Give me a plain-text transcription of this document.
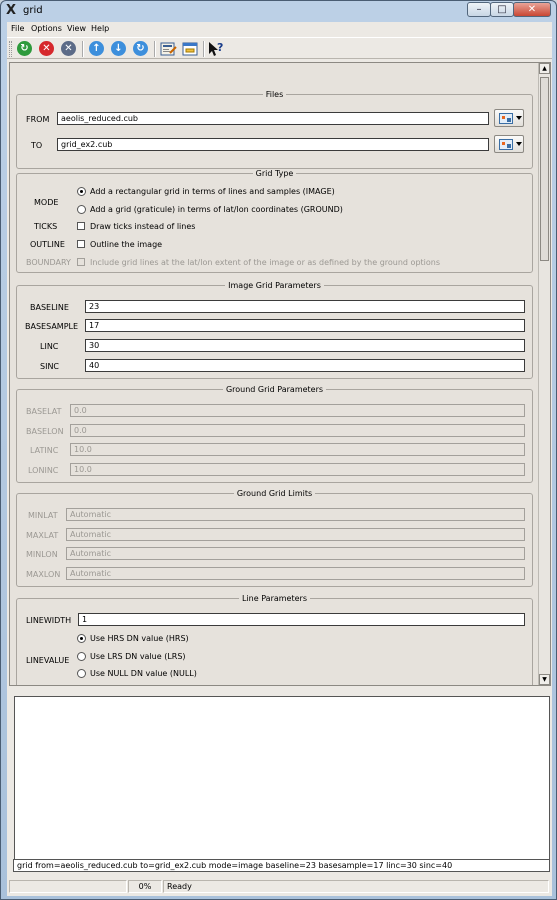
X grid	–	□	✕
File Options View Help
↻	✕	✕	↑	↓	↻	?
Files
FROM	aeolis_reduced.cub
TO	grid_ex2.cub
Grid Type
MODE
Add a rectangular grid in terms of lines and samples (IMAGE)
Add a grid (graticule) in terms of lat/lon coordinates (GROUND)
TICKS	Draw ticks instead of lines
OUTLINE	Outline the image
BOUNDARY Include grid lines at the lat/lon extent of the image or as defined by the ground options
Image Grid Parameters
BASELINE	23
BASESAMPLE	17
LINC	30
SINC	40
Ground Grid Parameters
BASELAT	0.0
BASELON	0.0
LATINC	10.0
LONINC	10.0
Ground Grid Limits
MINLAT	Automatic
MAXLAT	Automatic
MINLON	Automatic
MAXLON	Automatic
Line Parameters
LINEWIDTH	1
LINEVALUE
Use HRS DN value (HRS)
Use LRS DN value (LRS)
Use NULL DN value (NULL)
▲
▼
grid from=aeolis_reduced.cub to=grid_ex2.cub mode=image baseline=23 basesample=17 linc=30 sinc=40
0%	Ready
